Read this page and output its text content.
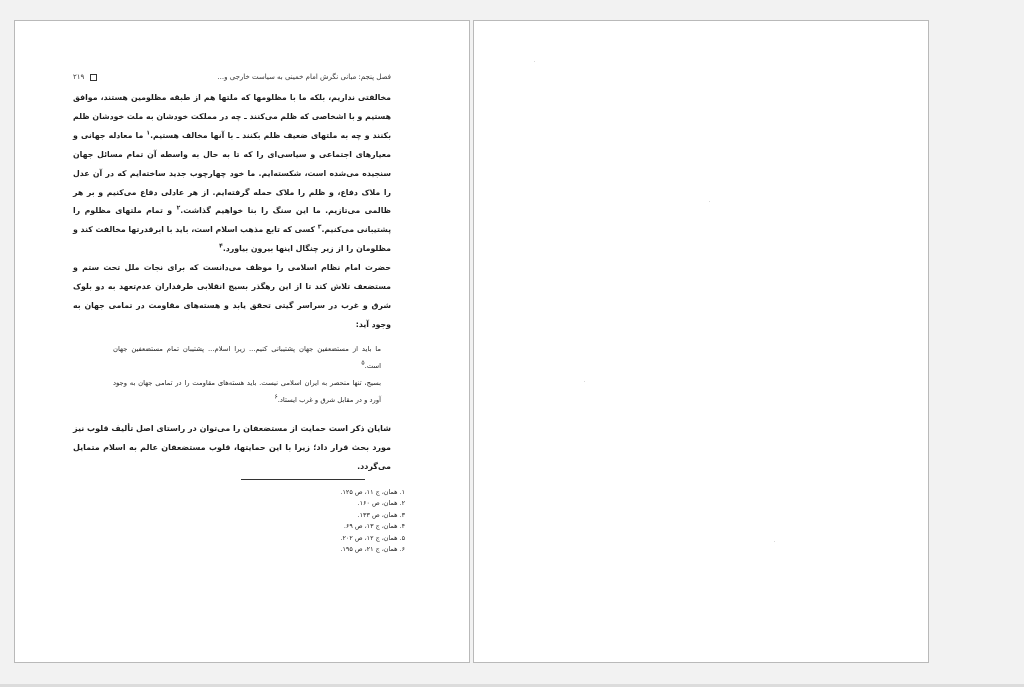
فصل پنجم: مبانی نگرش امام خمینی به سیاست خارجی و...
۲۱۹

مخالفتی نداریم، بلکه ما با مظلومها که ملتها هم از طبقه مظلومین هستند، موافق هستیم و با اشخاصی که ظلم می‌کنند ـ چه در مملکت خودشان به ملت خودشان ظلم بکنند و چه به ملتهای ضعیف ظلم بکنند ـ با آنها مخالف هستیم.$^۱$ ما معادله جهانی و معیارهای اجتماعی و سیاسی‌ای را که تا به حال به واسطه آن تمام مسائل جهان سنجیده می‌شده است، شکسته‌ایم. ما خود چهارچوب جدید ساخته‌ایم که در آن عدل را ملاک دفاع، و ظلم را ملاک حمله گرفته‌ایم. از هر عادلی دفاع می‌کنیم و بر هر ظالمی می‌تازیم. ما این سنگ را بنا خواهیم گذاشت.$^۲$ و تمام ملتهای مظلوم را پشتیبانی می‌کنیم.$^۳$ کسی که تابع مذهب اسلام است، باید با ابرقدرتها مخالفت کند و مظلومان را از زیر چنگال اینها بیرون بیاورد.$^۴$

حضرت امام نظام اسلامی را موظف می‌دانست که برای نجات ملل تحت ستم و مستضعف تلاش کند تا از این رهگذر بسیج انقلابی طرفداران عدم‌تعهد به دو بلوک شرق و غرب در سراسر گیتی تحقق یابد و هسته‌های مقاومت در تمامی جهان به وجود آید:

ما باید از مستضعفین جهان پشتیبانی کنیم... زیرا اسلام... پشتیبان تمام مستضعفین جهان است.۵

بسیج، تنها منحصر به ایران اسلامی نیست. باید هسته‌های مقاومت را در تمامی جهان به وجود آورد و در مقابل شرق و غرب ایستاد.۶

شایان ذکر است حمایت از مستضعفان را می‌توان در راستای اصل تألیف قلوب نیز مورد بحث قرار داد؛ زیرا با این حمایتها، قلوب مستضعفان عالم به اسلام متمایل می‌گردد.

۱. همان، ج ۱۱، ص ۱۲۵.
۲. همان، ص ۱۶۰.
۳. همان، ص ۱۳۳.
۴. همان، ج ۱۳، ص ۶۹.
۵. همان، ج ۱۲، ص ۲۰۲.
۶. همان، ج ۲۱، ص ۱۹۵.
